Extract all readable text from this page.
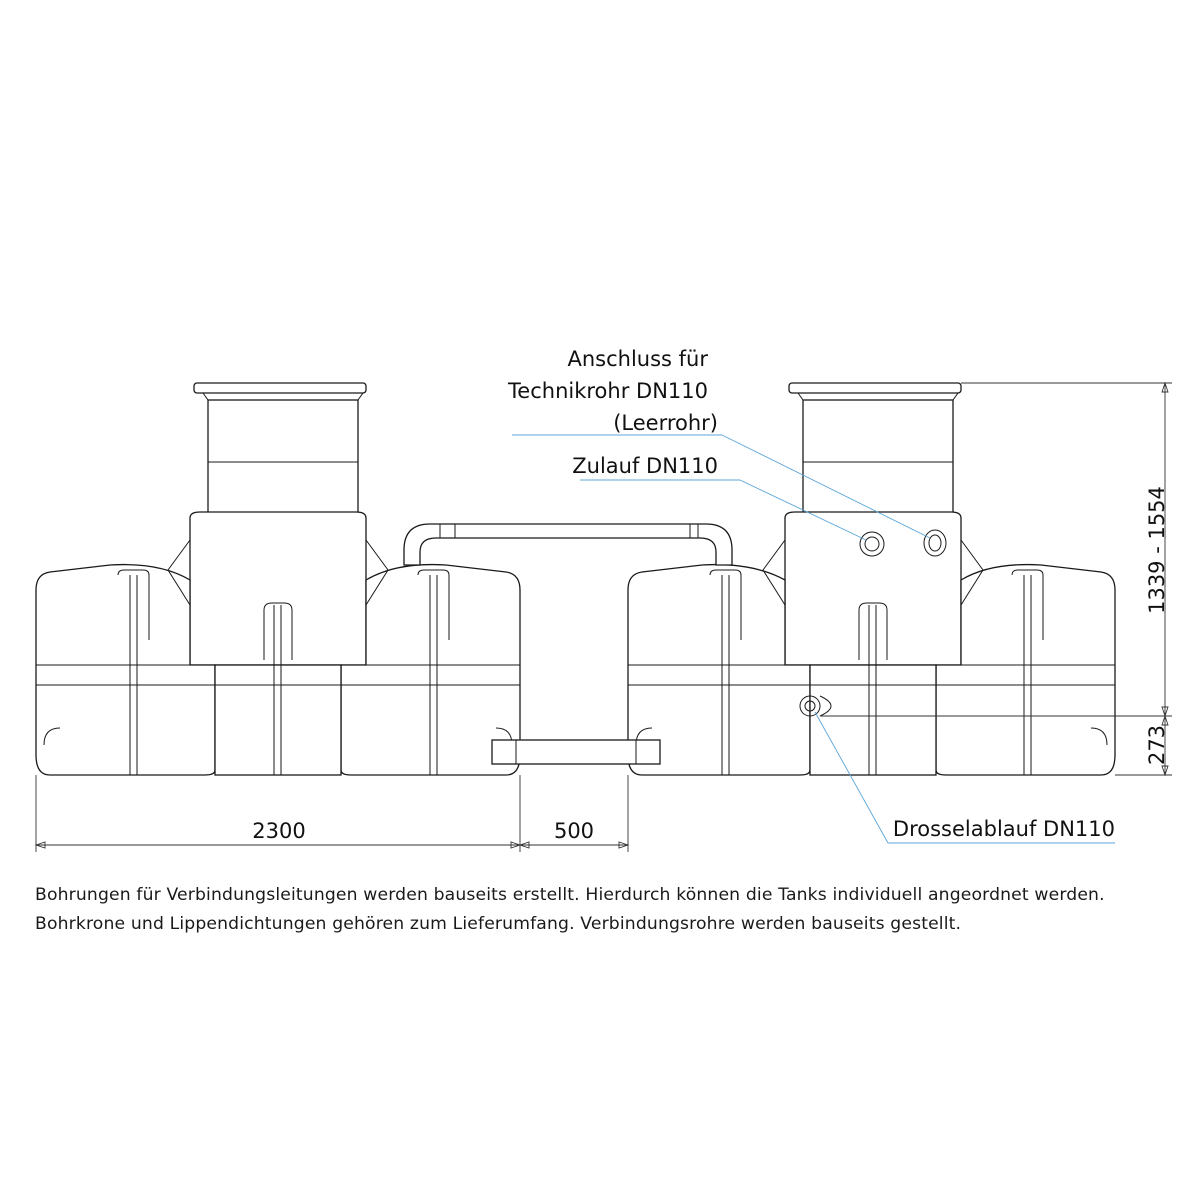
2300	500
1339 - 1554
273
Anschluss für
Technikrohr DN110
(Leerrohr)
Zulauf DN110
Drosselablauf DN110
Bohrungen für Verbindungsleitungen werden bauseits erstellt. Hierdurch können die Tanks individuell angeordnet werden.
Bohrkrone und Lippendichtungen gehören zum Lieferumfang. Verbindungsrohre werden bauseits gestellt.
